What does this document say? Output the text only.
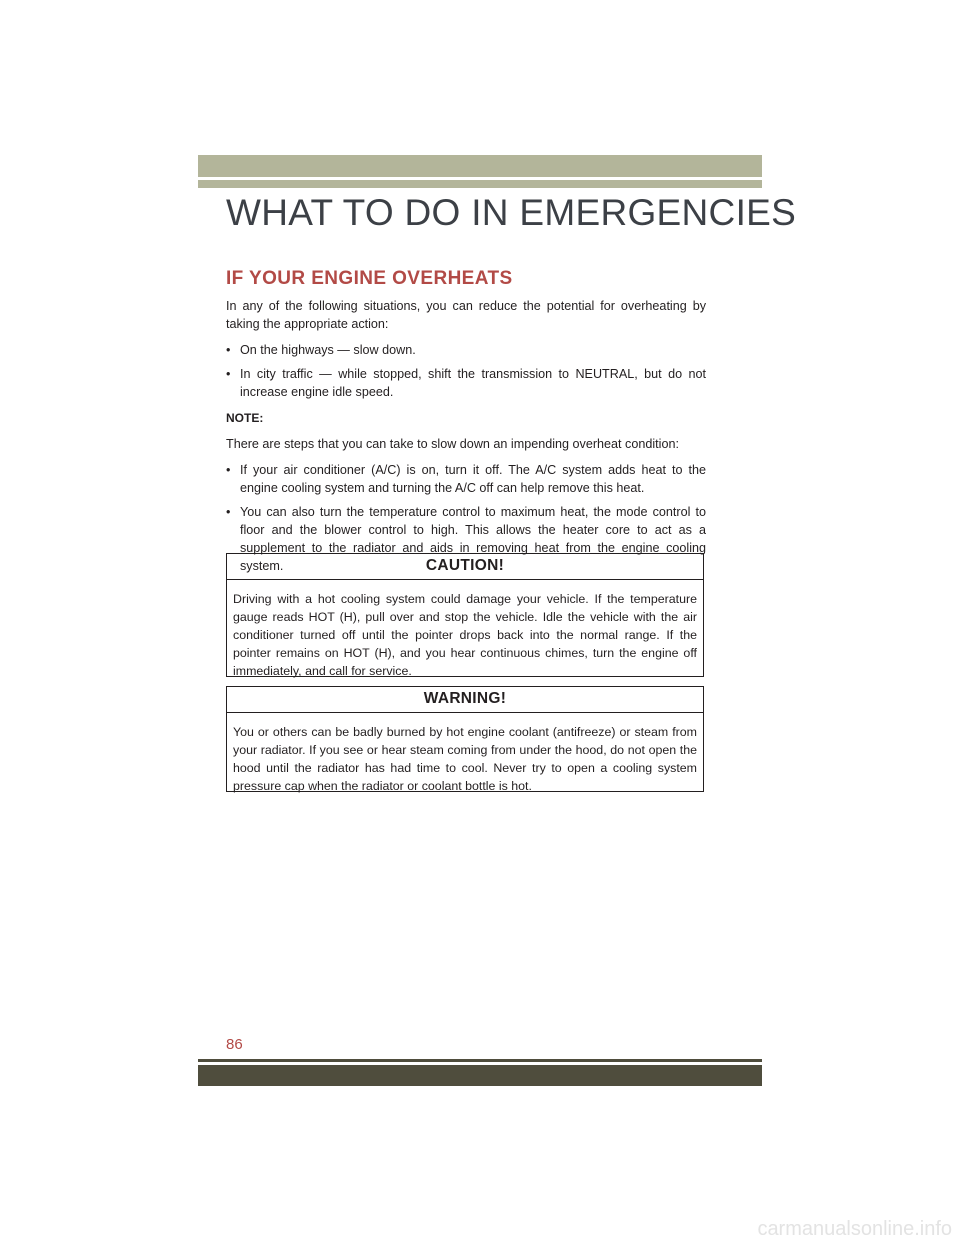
WHAT TO DO IN EMERGENCIES
IF YOUR ENGINE OVERHEATS

In any of the following situations, you can reduce the potential for overheating by taking the appropriate action:

• On the highways — slow down.
• In city traffic — while stopped, shift the transmission to NEUTRAL, but do not increase engine idle speed.

NOTE:

There are steps that you can take to slow down an impending overheat condition:

• If your air conditioner (A/C) is on, turn it off. The A/C system adds heat to the engine cooling system and turning the A/C off can help remove this heat.
• You can also turn the temperature control to maximum heat, the mode control to floor and the blower control to high. This allows the heater core to act as a supplement to the radiator and aids in removing heat from the engine cooling system.	CAUTION!
Driving with a hot cooling system could damage your vehicle. If the temperature gauge reads HOT (H), pull over and stop the vehicle. Idle the vehicle with the air conditioner turned off until the pointer drops back into the normal range. If the pointer remains on HOT (H), and you hear continuous chimes, turn the engine off immediately, and call for service.
WARNING!
You or others can be badly burned by hot engine coolant (antifreeze) or steam from your radiator. If you see or hear steam coming from under the hood, do not open the hood until the radiator has had time to cool. Never try to open a cooling system pressure cap when the radiator or coolant bottle is hot.
86
carmanualsonline.info
